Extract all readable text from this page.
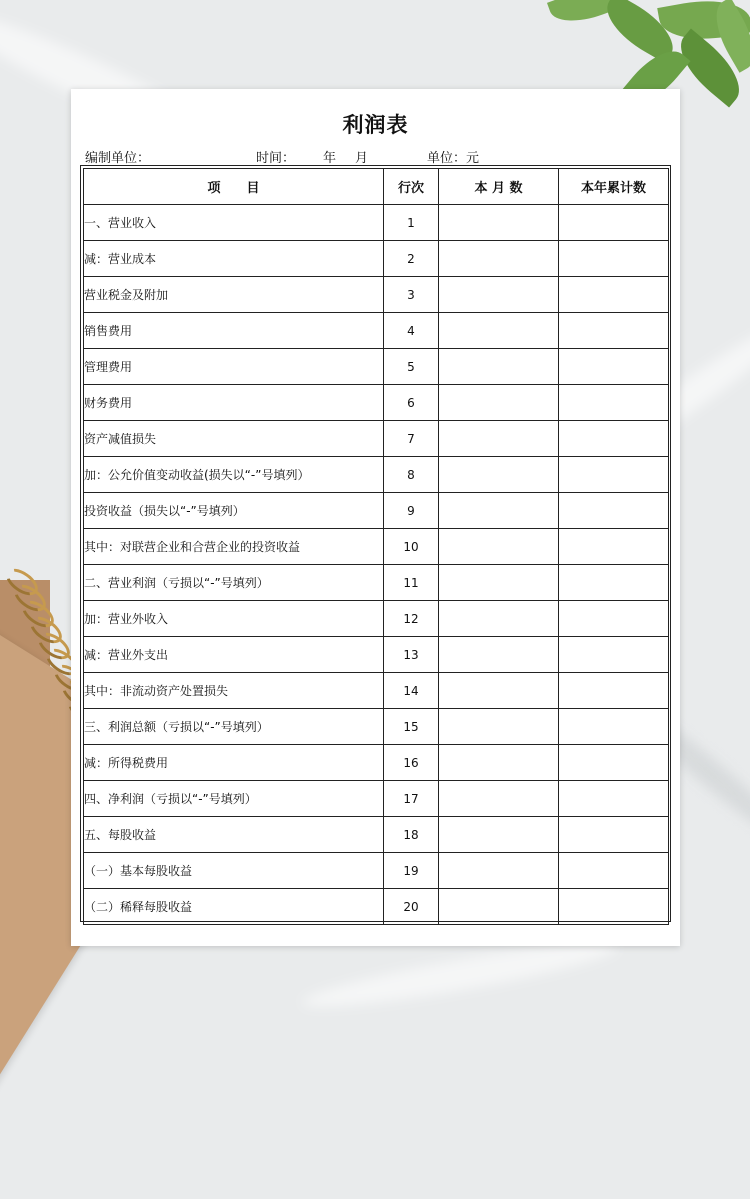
利润表
编制单位：	时间： 年 月	单位：元
项　　目	行次	本 月 数	本年累计数
一、营业收入	1		
减：营业成本	2		
营业税金及附加	3		
销售费用	4		
管理费用	5		
财务费用	6		
资产减值损失	7		
加：公允价值变动收益(损失以“-”号填列）	8		
投资收益（损失以“-”号填列）	9		
其中：对联营企业和合营企业的投资收益	10		
二、营业利润（亏损以“-”号填列）	11		
加：营业外收入	12		
减：营业外支出	13		
其中：非流动资产处置损失	14		
三、利润总额（亏损以“-”号填列）	15		
减：所得税费用	16		
四、净利润（亏损以“-”号填列）	17		
五、每股收益	18		
（一）基本每股收益	19		
（二）稀释每股收益	20		
